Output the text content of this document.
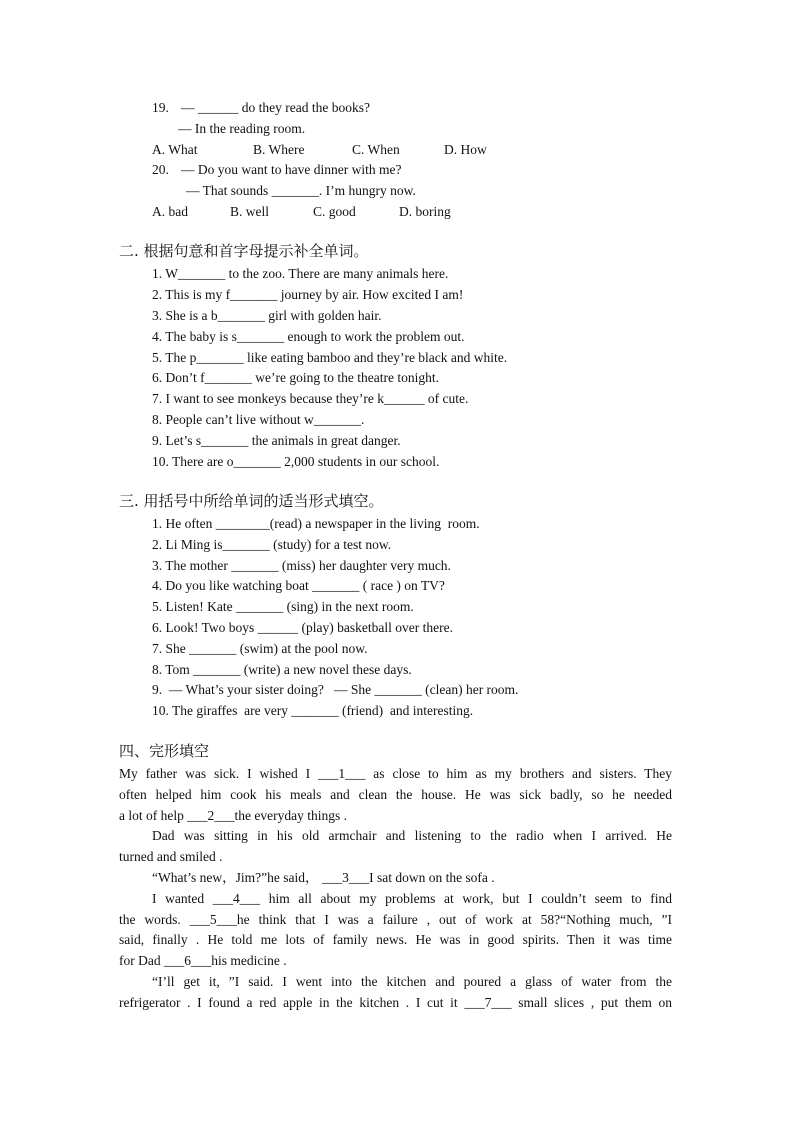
19. — ______ do they read the books?
— In the reading room.
A. What	B. Where	C. When	D. How
20. — Do you want to have dinner with me?
— That sounds _______. I’m hungry now.
A. bad	B. well	C. good	D. boring
二. 根据句意和首字母提示补全单词。
1. W_______ to the zoo. There are many animals here.
2. This is my f_______ journey by air. How excited I am!
3. She is a b_______ girl with golden hair.
4. The baby is s_______ enough to work the problem out.
5. The p_______ like eating bamboo and they’re black and white.
6. Don’t f_______ we’re going to the theatre tonight.
7. I want to see monkeys because they’re k______ of cute.
8. People can’t live without w_______.
9. Let’s s_______ the animals in great danger.
10. There are o_______ 2,000 students in our school.
三. 用括号中所给单词的适当形式填空。
1. He often ________(read) a newspaper in the living  room.
2. Li Ming is_______ (study) for a test now.
3. The mother _______ (miss) her daughter very much.
4. Do you like watching boat _______ ( race ) on TV?
5. Listen! Kate _______ (sing) in the next room.
6. Look! Two boys ______ (play) basketball over there.
7. She _______ (swim) at the pool now.
8. Tom _______ (write) a new novel these days.
9.  — What’s your sister doing?   — She _______ (clean) her room.
10. The giraffes  are very _______ (friend)  and interesting.
四、完形填空
My father was sick. I wished I ___1___ as close to him as my brothers and sisters. They
often helped him cook his meals and clean the house. He was sick badly, so he needed
a lot of help ___2___the everyday things .
Dad was sitting in his old armchair and listening to the radio when I arrived. He
turned and smiled .
“What’s new，Jim?”he said， ___3___I sat down on the sofa .
I wanted ___4___ him all about my problems at work, but I couldn’t seem to find
the words. ___5___he think that I was a failure , out of work at 58?“Nothing much, ”I
said, finally . He told me lots of family news. He was in good spirits. Then it was time
for Dad ___6___his medicine .
“I’ll get it, ”I said. I went into the kitchen and poured a glass of water from the
refrigerator . I found a red apple in the kitchen . I cut it ___7___ small slices , put them on
